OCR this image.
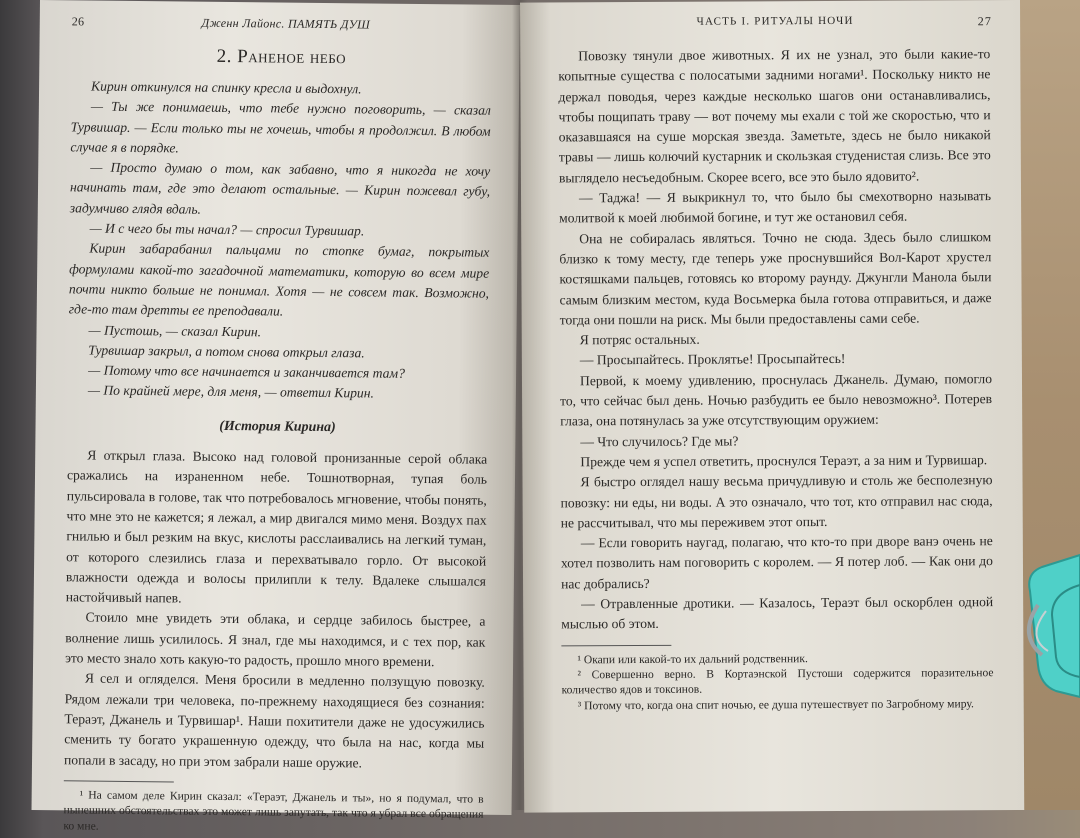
26	Дженн Лайонс. ПАМЯТЬ ДУШ
2. Раненое небо

Кирин откинулся на спинку кресла и выдохнул.

— Ты же понимаешь, что тебе нужно поговорить, — сказал Турвишар. — Если только ты не хочешь, чтобы я продолжил. В любом случае я в порядке.

— Просто думаю о том, как забавно, что я никогда не хочу начинать там, где это делают остальные. — Кирин пожевал губу, задумчиво глядя вдаль.

— И с чего бы ты начал? — спросил Турвишар.

Кирин забарабанил пальцами по стопке бумаг, покрытых формулами какой-то загадочной математики, которую во всем мире почти никто больше не понимал. Хотя — не совсем так. Возможно, где-то там дретты ее преподавали.

— Пустошь, — сказал Кирин.

Турвишар закрыл, а потом снова открыл глаза.

— Потому что все начинается и заканчивается там?

— По крайней мере, для меня, — ответил Кирин.

(История Кирина)

Я открыл глаза. Высоко над головой пронизанные серой облака сражались на израненном небе. Тошнотворная, тупая боль пульсировала в голове, так что потребовалось мгновение, чтобы понять, что мне это не кажется; я лежал, а мир двигался мимо меня. Воздух пах гнилью и был резким на вкус, кислоты расслаивались на легкий туман, от которого слезились глаза и перехватывало горло. От высокой влажности одежда и волосы прилипли к телу. Вдалеке слышался настойчивый напев.

Стоило мне увидеть эти облака, и сердце забилось быстрее, а волнение лишь усилилось. Я знал, где мы находимся, и с тех пор, как это место знало хоть какую-то радость, прошло много времени.

Я сел и огляделся. Меня бросили в медленно ползущую повозку. Рядом лежали три человека, по-прежнему находящиеся без сознания: Тераэт, Джанель и Турвишар¹. Наши похитители даже не удосужились сменить ту богато украшенную одежду, что была на нас, когда мы попали в засаду, но при этом забрали наше оружие.

¹ На самом деле Кирин сказал: «Тераэт, Джанель и ты», но я подумал, что в нынешних обстоятельствах это может лишь запутать, так что я убрал все обращения ко мне.

ЧАСТЬ I. РИТУАЛЫ НОЧИ	27

Повозку тянули двое животных. Я их не узнал, это были какие-то копытные существа с полосатыми задними ногами¹. Поскольку никто не держал поводья, через каждые несколько шагов они останавливались, чтобы пощипать траву — вот почему мы ехали с той же скоростью, что и оказавшаяся на суше морская звезда. Заметьте, здесь не было никакой травы — лишь колючий кустарник и скользкая студенистая слизь. Все это выглядело несъедобным. Скорее всего, все это было ядовито².

— Таджа! — Я выкрикнул то, что было бы смехотворно называть молитвой к моей любимой богине, и тут же остановил себя.

Она не собиралась являться. Точно не сюда. Здесь было слишком близко к тому месту, где теперь уже проснувшийся Вол-Карот хрустел костяшками пальцев, готовясь ко второму раунду. Джунгли Манола были самым близким местом, куда Восьмерка была готова отправиться, и даже тогда они пошли на риск. Мы были предоставлены сами себе.

Я потряс остальных.

— Просыпайтесь. Проклятье! Просыпайтесь!

Первой, к моему удивлению, проснулась Джанель. Думаю, помогло то, что сейчас был день. Ночью разбудить ее было невозможно³. Потерев глаза, она потянулась за уже отсутствующим оружием:

— Что случилось? Где мы?

Прежде чем я успел ответить, проснулся Тераэт, а за ним и Турвишар.

Я быстро оглядел нашу весьма причудливую и столь же бесполезную повозку: ни еды, ни воды. А это означало, что тот, кто отправил нас сюда, не рассчитывал, что мы переживем этот опыт.

— Если говорить наугад, полагаю, что кто-то при дворе ванэ очень не хотел позволить нам поговорить с королем. — Я потер лоб. — Как они до нас добрались?

— Отравленные дротики. — Казалось, Тераэт был оскорблен одной мыслью об этом.

¹ Окапи или какой-то их дальний родственник.

² Совершенно верно. В Кортаэнской Пустоши содержится поразительное количество ядов и токсинов.

³ Потому что, когда она спит ночью, ее душа путешествует по Загробному миру.
